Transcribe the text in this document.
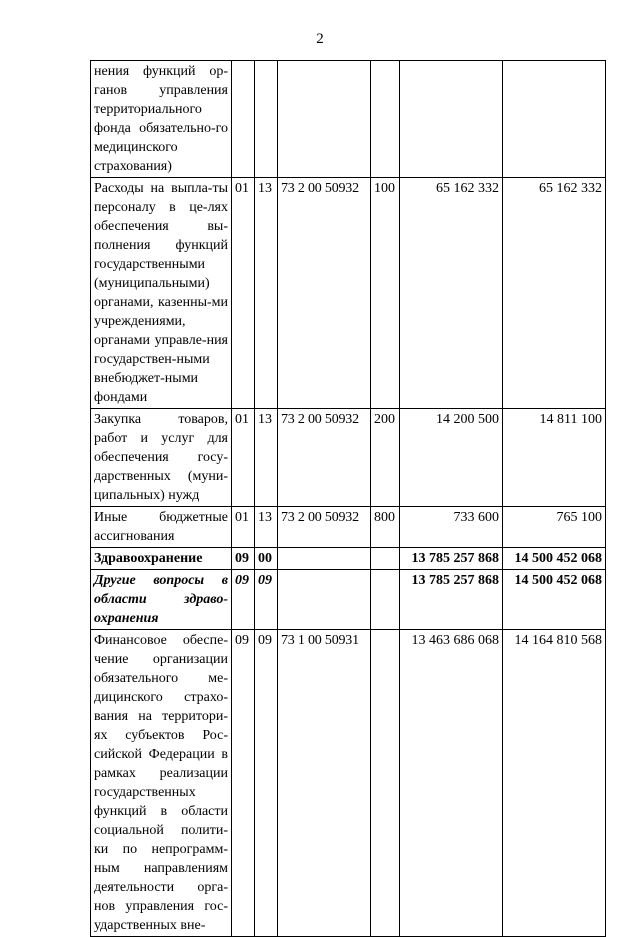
2
нения функций ор-ганов управления территориального фонда обязательно-го медицинского страхования)						
Расходы на выпла-ты персоналу в це-лях обеспечения вы-полнения функций государственными (муниципальными) органами, казенны-ми учреждениями, органами управле-ния государствен-ными внебюджет-ными фондами	01	13	73 2 00 50932	100	65 162 332	65 162 332
Закупка товаров, работ и услуг для обеспечения госу-дарственных (муни-ципальных) нужд	01	13	73 2 00 50932	200	14 200 500	14 811 100
Иные бюджетные ассигнования	01	13	73 2 00 50932	800	733 600	765 100
Здравоохранение	09	00			13 785 257 868	14 500 452 068
Другие вопросы в области здраво-охранения	09	09			13 785 257 868	14 500 452 068
Финансовое обеспе-чение организации обязательного ме-дицинского страхо-вания на территори-ях субъектов Рос-сийской Федерации в рамках реализации государственных функций в области социальной полити-ки по непрограмм-ным направлениям деятельности орга-нов управления гос-ударственных вне-	09	09	73 1 00 50931		13 463 686 068	14 164 810 568
